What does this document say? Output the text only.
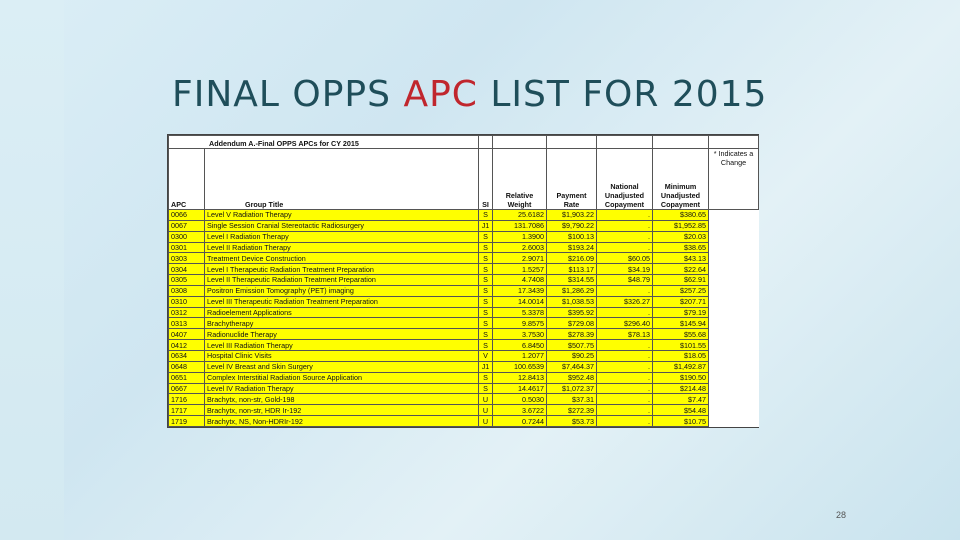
FINAL OPPS APC LIST FOR 2015
Addendum A.-Final OPPS APCs for CY 2015							
APC	Group Title	SI	Relative Weight	Payment Rate	National Unadjusted Copayment	Minimum Unadjusted Copayment	* Indicates a Change
0066	Level V Radiation Therapy	S	25.6182	$1,903.22	.	$380.65	
0067	Single Session Cranial Stereotactic Radiosurgery	J1	131.7086	$9,790.22	.	$1,952.85	
0300	Level I Radiation Therapy	S	1.3900	$100.13	.	$20.03	
0301	Level II Radiation Therapy	S	2.6003	$193.24	.	$38.65	
0303	Treatment Device Construction	S	2.9071	$216.09	$60.05	$43.13	
0304	Level I Therapeutic Radiation Treatment Preparation	S	1.5257	$113.17	$34.19	$22.64	
0305	Level II Therapeutic Radiation Treatment Preparation	S	4.7408	$314.55	$48.79	$62.91	
0308	Positron Emission Tomography (PET) imaging	S	17.3439	$1,286.29	.	$257.25	
0310	Level III Therapeutic Radiation Treatment Preparation	S	14.0014	$1,038.53	$326.27	$207.71	
0312	Radioelement Applications	S	5.3378	$395.92	.	$79.19	
0313	Brachytherapy	S	9.8575	$729.08	$296.40	$145.94	
0407	Radionuclide Therapy	S	3.7530	$278.39	$78.13	$55.68	
0412	Level III Radiation Therapy	S	6.8450	$507.75	.	$101.55	
0634	Hospital Clinic Visits	V	1.2077	$90.25	.	$18.05	
0648	Level IV Breast and Skin Surgery	J1	100.6539	$7,464.37	.	$1,492.87	
0651	Complex Interstitial Radiation Source Application	S	12.8413	$952.48	.	$190.50	
0667	Level IV Radiation Therapy	S	14.4617	$1,072.37	.	$214.48	
1716	Brachytx, non-str, Gold-198	U	0.5030	$37.31	.	$7.47	
1717	Brachytx, non-str, HDR Ir-192	U	3.6722	$272.39	.	$54.48	
1719	Brachytx, NS, Non-HDRIr-192	U	0.7244	$53.73	.	$10.75	
28
